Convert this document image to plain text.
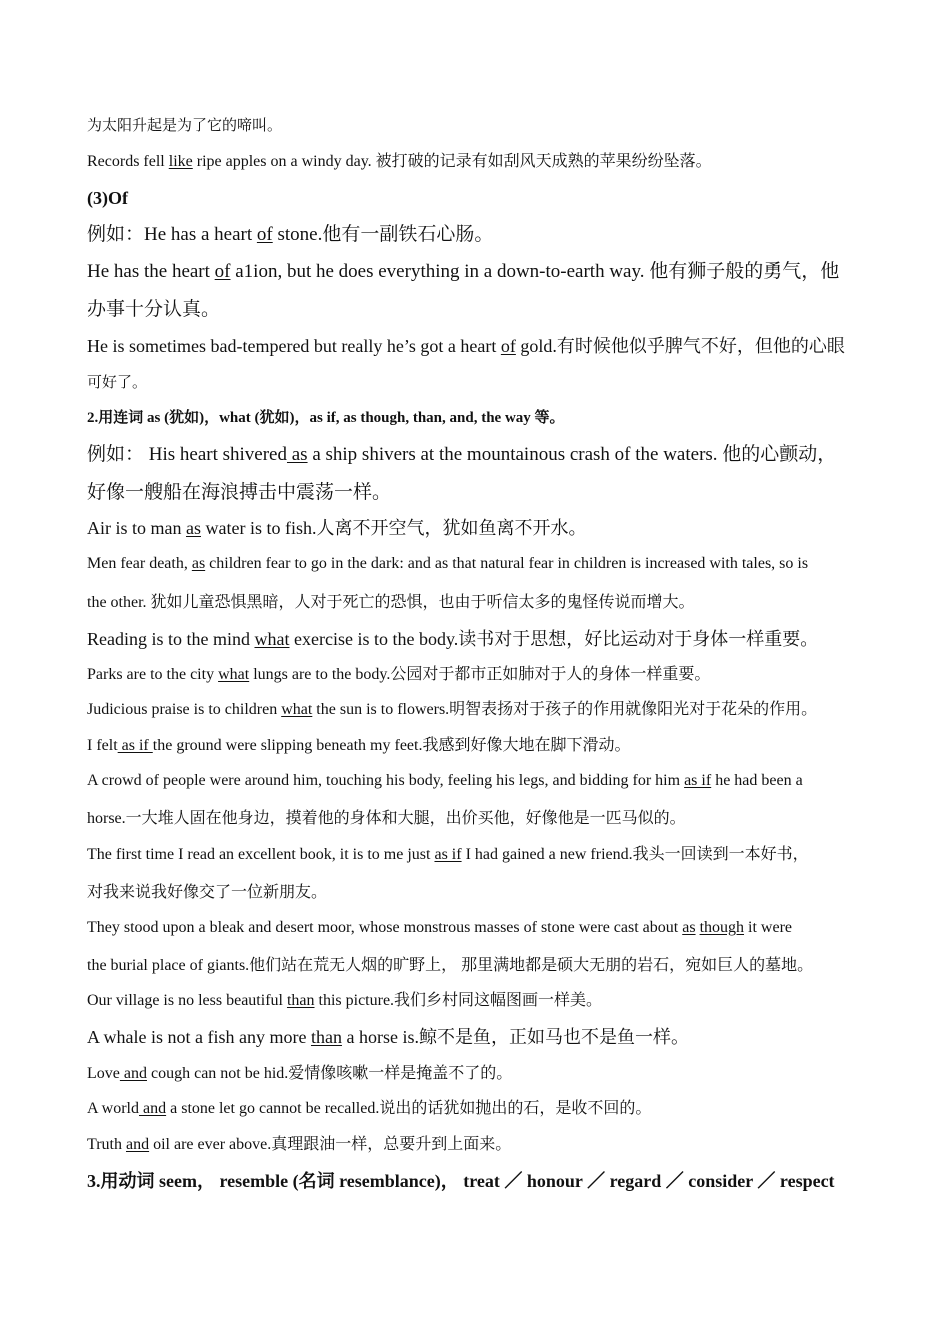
为太阳升起是为了它的啼叫。
Records fell like ripe apples on a windy day. 被打破的记录有如刮风天成熟的苹果纷纷坠落。
(3)Of
例如：He has a heart of stone.他有一副铁石心肠。
He has the heart of a1ion, but he does everything in a down-to-earth way. 他有狮子般的勇气，他
办事十分认真。
He is sometimes bad-tempered but really he’s got a heart of gold.有时候他似乎脾气不好，但他的心眼
可好了。
2.用连词 as (犹如)，what (犹如)，as if, as though, than, and, the way 等。
例如： His heart shivered as a ship shivers at the mountainous crash of the waters. 他的心颤动，
好像一艘船在海浪搏击中震荡一样。
Air is to man as water is to fish.人离不开空气，犹如鱼离不开水。
Men fear death, as children fear to go in the dark: and as that natural fear in children is increased with tales, so is
the other. 犹如儿童恐惧黑暗，人对于死亡的恐惧，也由于听信太多的鬼怪传说而增大。
Reading is to the mind what exercise is to the body.读书对于思想，好比运动对于身体一样重要。
Parks are to the city what lungs are to the body.公园对于都市正如肺对于人的身体一样重要。
Judicious praise is to children what the sun is to flowers.明智表扬对于孩子的作用就像阳光对于花朵的作用。
I felt as if the ground were slipping beneath my feet.我感到好像大地在脚下滑动。
A crowd of people were around him, touching his body, feeling his legs, and bidding for him as if he had been a
horse.一大堆人固在他身边，摸着他的身体和大腿，出价买他，好像他是一匹马似的。
The first time I read an excellent book, it is to me just as if I had gained a new friend.我头一回读到一本好书，
对我来说我好像交了一位新朋友。
They stood upon a bleak and desert moor, whose monstrous masses of stone were cast about as though it were
the burial place of giants.他们站在荒无人烟的旷野上， 那里满地都是硕大无朋的岩石，宛如巨人的墓地。
Our village is no less beautiful than this picture.我们乡村同这幅图画一样美。
A whale is not a fish any more than a horse is.鲸不是鱼，正如马也不是鱼一样。
Love and cough can not be hid.爱情像咳嗽一样是掩盖不了的。
A world and a stone let go cannot be recalled.说出的话犹如抛出的石，是收不回的。
Truth and oil are ever above.真理跟油一样，总要升到上面来。
3.用动词 seem， resemble (名词 resemblance)， treat ／ honour ／ regard ／ consider ／ respect
